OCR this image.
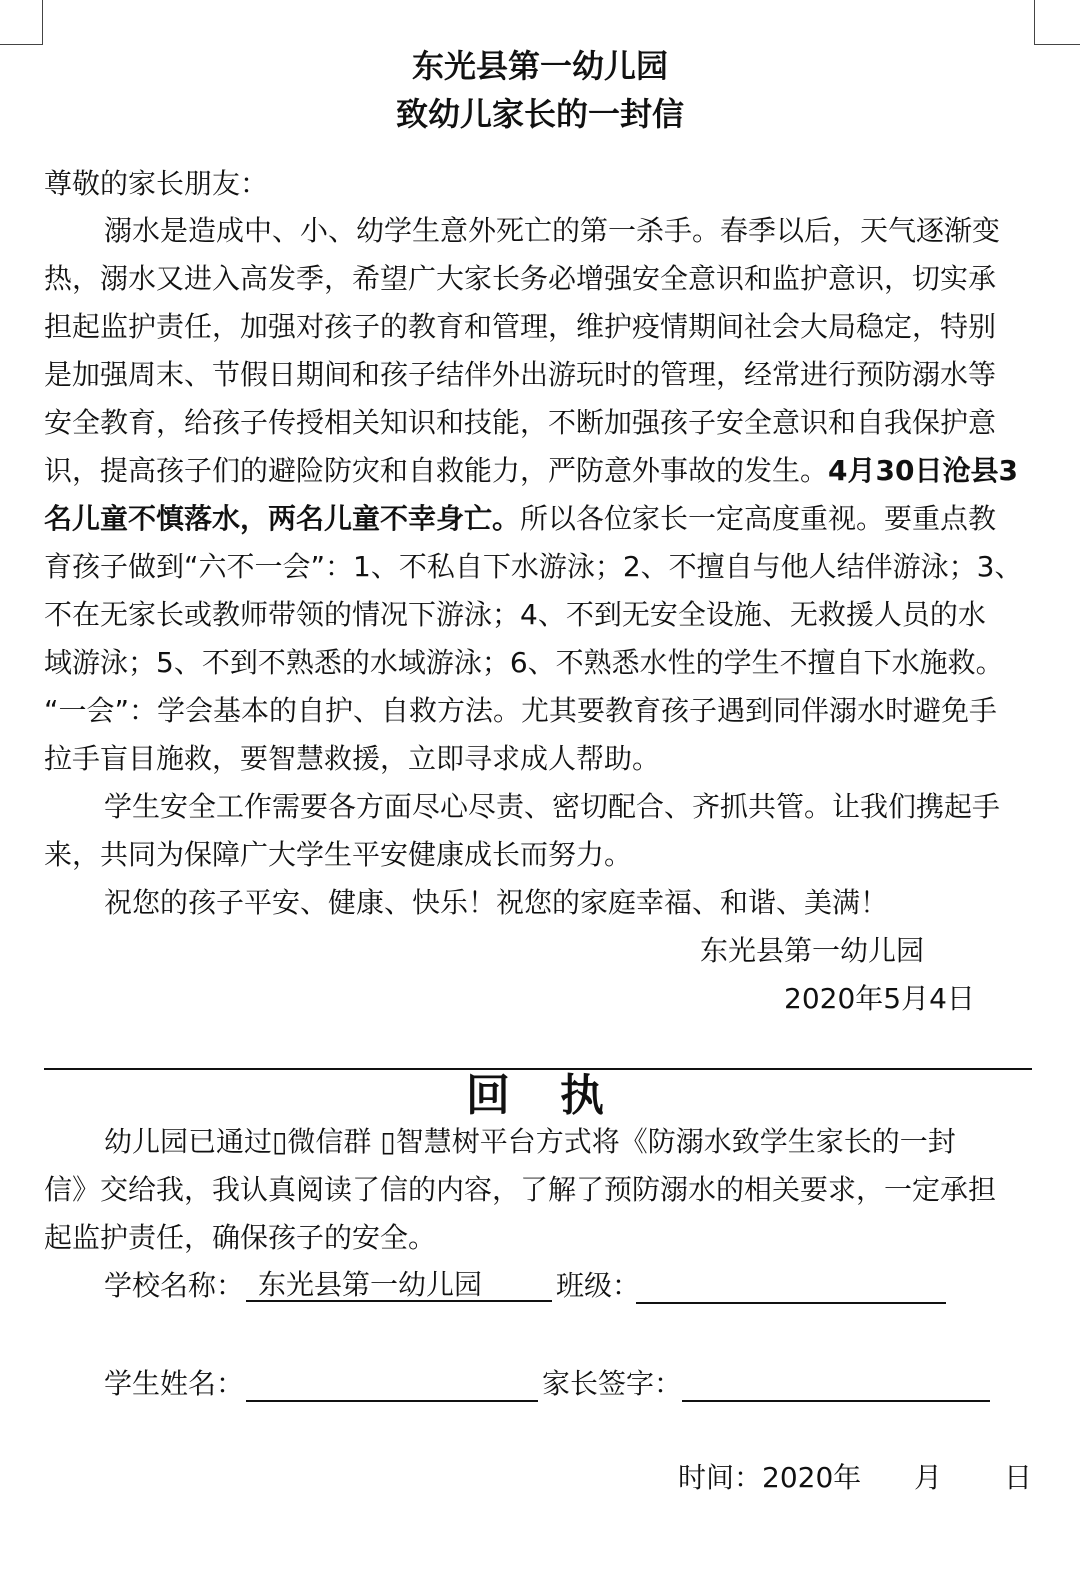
东光县第一幼儿园
致幼儿家长的一封信
尊敬的家长朋友：
溺水是造成中、小、幼学生意外死亡的第一杀手。春季以后，天气逐渐变
热，溺水又进入高发季，希望广大家长务必增强安全意识和监护意识，切实承
担起监护责任，加强对孩子的教育和管理，维护疫情期间社会大局稳定，特别
是加强周末、节假日期间和孩子结伴外出游玩时的管理，经常进行预防溺水等
安全教育，给孩子传授相关知识和技能，不断加强孩子安全意识和自我保护意
识，提高孩子们的避险防灾和自救能力，严防意外事故的发生。4月30日沧县3
名儿童不慎落水，两名儿童不幸身亡。所以各位家长一定高度重视。要重点教
育孩子做到“六不一会”：1、不私自下水游泳；2、不擅自与他人结伴游泳；3、
不在无家长或教师带领的情况下游泳；4、不到无安全设施、无救援人员的水
域游泳；5、不到不熟悉的水域游泳；6、不熟悉水性的学生不擅自下水施救。
“一会”：学会基本的自护、自救方法。尤其要教育孩子遇到同伴溺水时避免手
拉手盲目施救，要智慧救援，立即寻求成人帮助。
学生安全工作需要各方面尽心尽责、密切配合、齐抓共管。让我们携起手
来，共同为保障广大学生平安健康成长而努力。
祝您的孩子平安、健康、快乐！祝您的家庭幸福、和谐、美满！
东光县第一幼儿园
2020年5月4日
回执
幼儿园已通过▯微信群 ▯智慧树平台方式将《防溺水致学生家长的一封
信》交给我，我认真阅读了信的内容，了解了预防溺水的相关要求，一定承担
起监护责任，确保孩子的安全。
学校名称： 东光县第一幼儿园	班级：
学生姓名：	家长签字：
时间： 2020年 月 日
